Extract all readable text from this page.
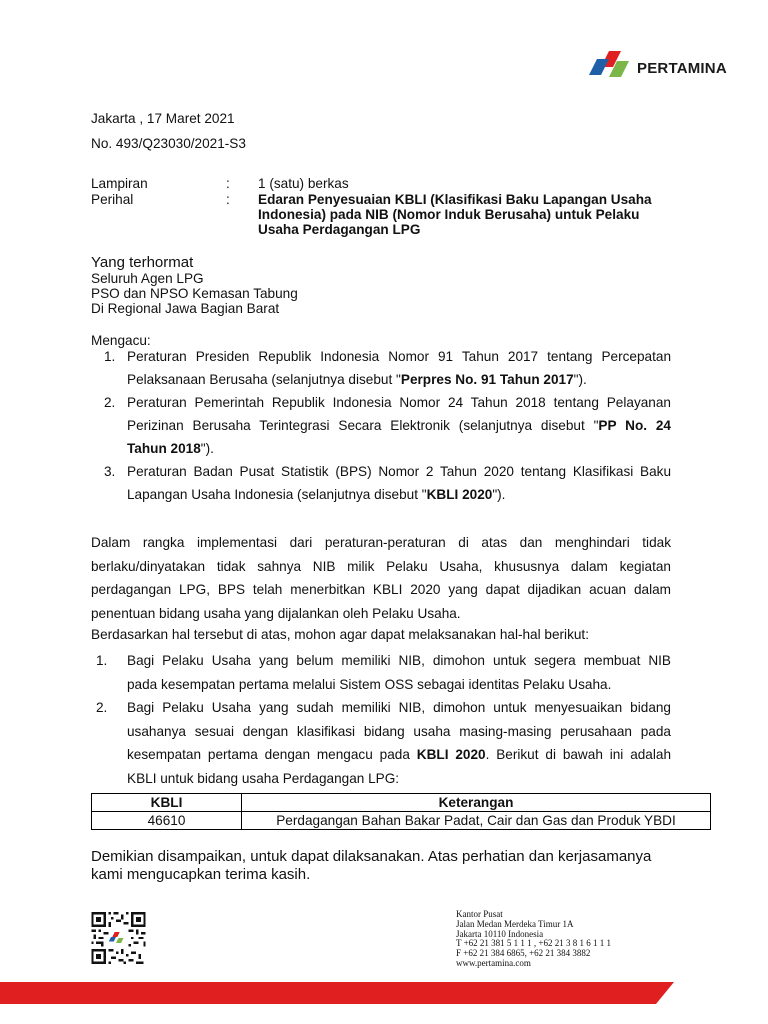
PERTAMINA
Jakarta , 17 Maret 2021
No. 493/Q23030/2021-S3
Lampiran	: 1 (satu) berkas
Perihal	: Edaran Penyesuaian KBLI (Klasifikasi Baku Lapangan Usaha
Indonesia) pada NIB (Nomor Induk Berusaha) untuk Pelaku
Usaha Perdagangan LPG
Yang terhormat
Seluruh Agen LPG
PSO dan NPSO Kemasan Tabung
Di Regional Jawa Bagian Barat
Mengacu:
1. Peraturan Presiden Republik Indonesia Nomor 91 Tahun 2017 tentang Percepatan
Pelaksanaan Berusaha (selanjutnya disebut "Perpres No. 91 Tahun 2017").
2. Peraturan Pemerintah Republik Indonesia Nomor 24 Tahun 2018 tentang Pelayanan
Perizinan Berusaha Terintegrasi Secara Elektronik (selanjutnya disebut "PP No. 24
Tahun 2018").
3. Peraturan Badan Pusat Statistik (BPS) Nomor 2 Tahun 2020 tentang Klasifikasi Baku
Lapangan Usaha Indonesia (selanjutnya disebut "KBLI 2020").
Dalam rangka implementasi dari peraturan-peraturan di atas dan menghindari tidak
berlaku/dinyatakan tidak sahnya NIB milik Pelaku Usaha, khususnya dalam kegiatan
perdagangan LPG, BPS telah menerbitkan KBLI 2020 yang dapat dijadikan acuan dalam
penentuan bidang usaha yang dijalankan oleh Pelaku Usaha.
Berdasarkan hal tersebut di atas, mohon agar dapat melaksanakan hal-hal berikut:
1. Bagi Pelaku Usaha yang belum memiliki NIB, dimohon untuk segera membuat NIB
pada kesempatan pertama melalui Sistem OSS sebagai identitas Pelaku Usaha.
2. Bagi Pelaku Usaha yang sudah memiliki NIB, dimohon untuk menyesuaikan bidang
usahanya sesuai dengan klasifikasi bidang usaha masing-masing perusahaan pada
kesempatan pertama dengan mengacu pada KBLI 2020. Berikut di bawah ini adalah
KBLI untuk bidang usaha Perdagangan LPG:
KBLI	Keterangan
46610	Perdagangan Bahan Bakar Padat, Cair dan Gas dan Produk YBDI
Demikian disampaikan, untuk dapat dilaksanakan. Atas perhatian dan kerjasamanya
kami mengucapkan terima kasih.
Kantor Pusat
Jalan Medan Merdeka Timur 1A
Jakarta 10110 Indonesia
T +62 21 381 5 1 1 1 , +62 21 3 8 1 6 1 1 1
F +62 21 384 6865, +62 21 384 3882
www.pertamina.com
